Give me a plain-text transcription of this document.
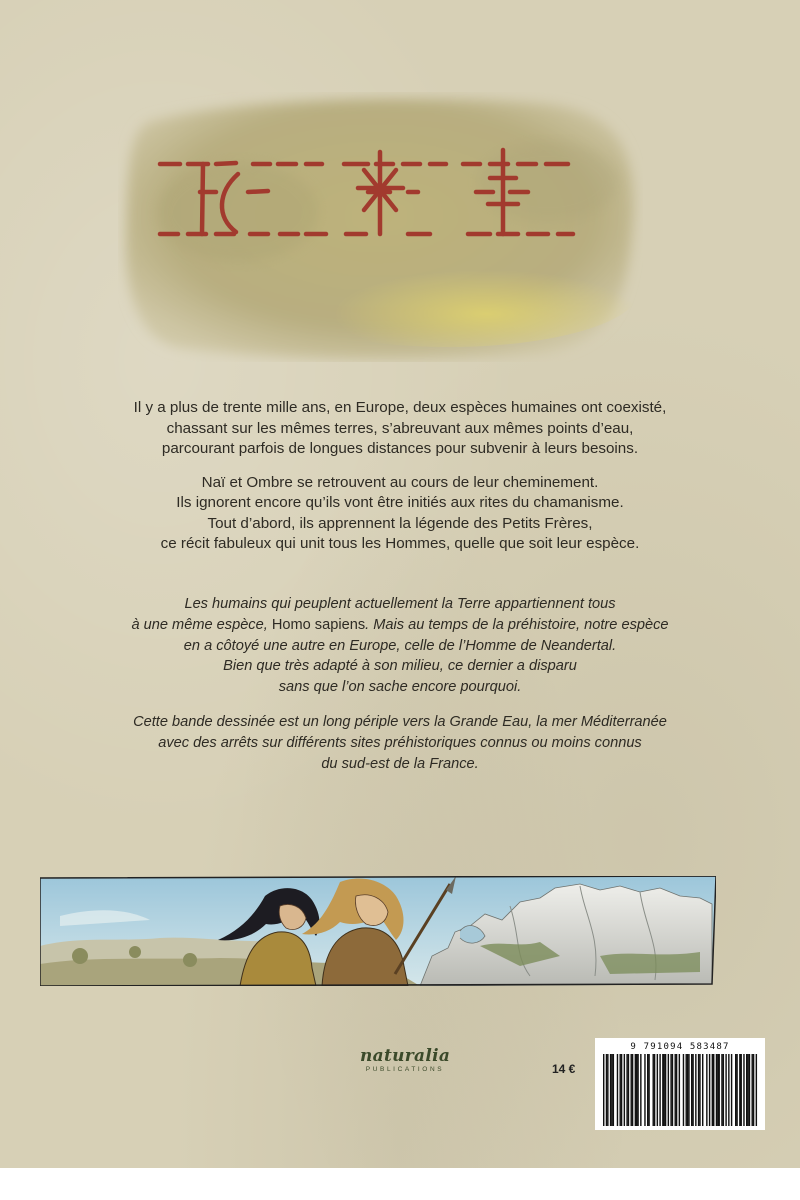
Il y a plus de trente mille ans, en Europe, deux espèces humaines ont coexisté,
chassant sur les mêmes terres, s’abreuvant aux mêmes points d’eau,
parcourant parfois de longues distances pour subvenir à leurs besoins.

Naï et Ombre se retrouvent au cours de leur cheminement.
Ils ignorent encore qu’ils vont être initiés aux rites du chamanisme.
Tout d’abord, ils apprennent la légende des Petits Frères,
ce récit fabuleux qui unit tous les Hommes, quelle que soit leur espèce.

Les humains qui peuplent actuellement la Terre appartiennent tous
à une même espèce, Homo sapiens. Mais au temps de la préhistoire, notre espèce
en a côtoyé une autre en Europe, celle de l’Homme de Neandertal.
Bien que très adapté à son milieu, ce dernier a disparu
sans que l’on sache encore pourquoi.

Cette bande dessinée est un long périple vers la Grande Eau, la mer Méditerranée
avec des arrêts sur différents sites préhistoriques connus ou moins connus
du sud-est de la France.

naturalia
PUBLICATIONS	14 €
9 791094 583487
